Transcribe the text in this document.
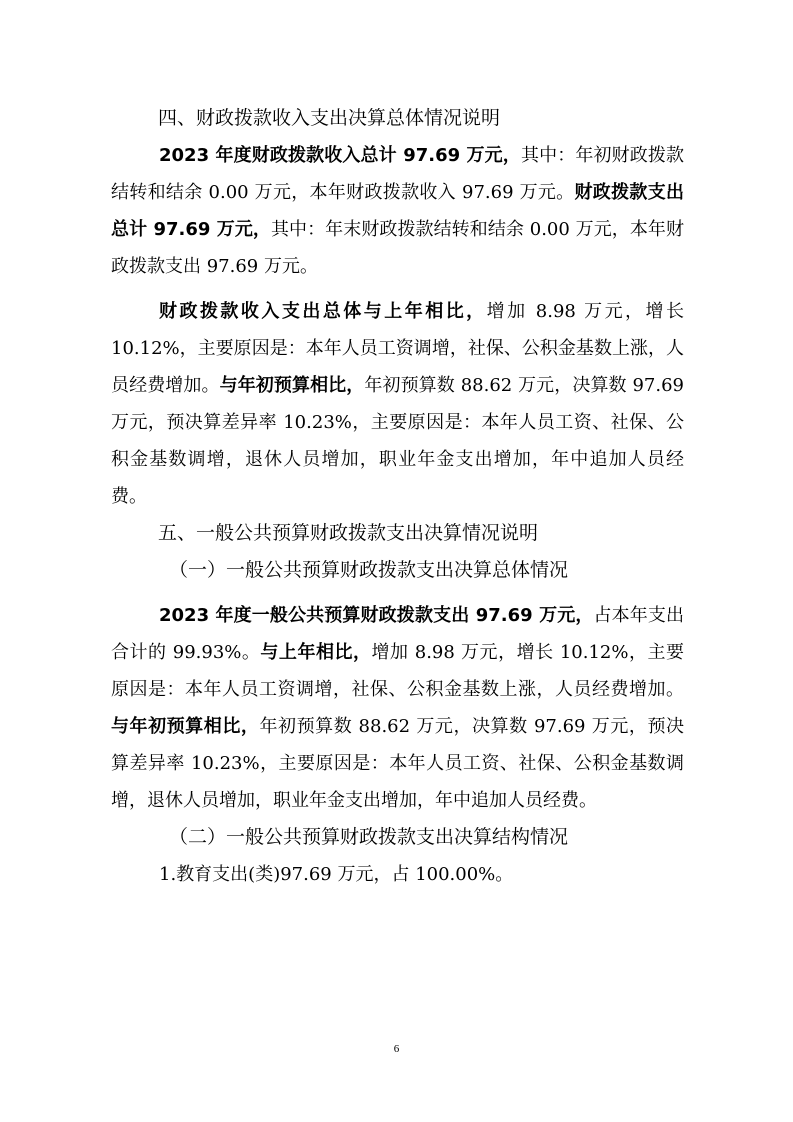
四、财政拨款收入支出决算总体情况说明

2023 年度财政拨款收入总计 97.69 万元，其中：年初财政拨款结转和结余 0.00 万元，本年财政拨款收入 97.69 万元。财政拨款支出总计 97.69 万元，其中：年末财政拨款结转和结余 0.00 万元，本年财政拨款支出 97.69 万元。

财政拨款收入支出总体与上年相比，增加 8.98 万元，增长 10.12%，主要原因是：本年人员工资调增，社保、公积金基数上涨，人员经费增加。与年初预算相比，年初预算数 88.62 万元，决算数 97.69 万元，预决算差异率 10.23%，主要原因是：本年人员工资、社保、公积金基数调增，退休人员增加，职业年金支出增加，年中追加人员经费。

五、一般公共预算财政拨款支出决算情况说明
（一）一般公共预算财政拨款支出决算总体情况

2023 年度一般公共预算财政拨款支出 97.69 万元，占本年支出合计的 99.93%。与上年相比，增加 8.98 万元，增长 10.12%，主要原因是：本年人员工资调增，社保、公积金基数上涨，人员经费增加。与年初预算相比，年初预算数 88.62 万元，决算数 97.69 万元，预决算差异率 10.23%，主要原因是：本年人员工资、社保、公积金基数调增，退休人员增加，职业年金支出增加，年中追加人员经费。

（二）一般公共预算财政拨款支出决算结构情况
1.教育支出(类)97.69 万元，占 100.00%。
6
